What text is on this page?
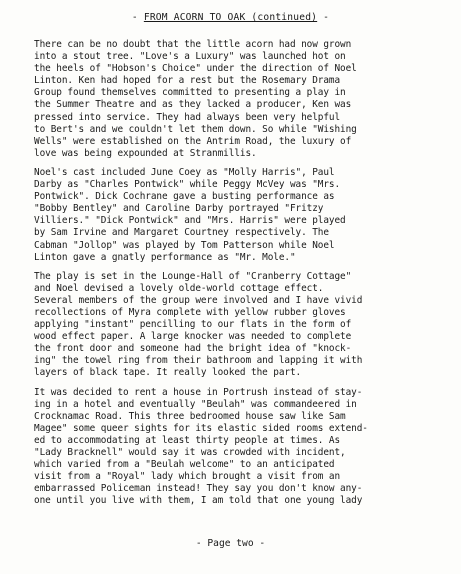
- FROM ACORN TO OAK (continued) -
There can be no doubt that the little acorn had now grown
into a stout tree. "Love's a Luxury" was launched hot on
the heels of "Hobson's Choice" under the direction of Noel
Linton. Ken had hoped for a rest but the Rosemary Drama
Group found themselves committed to presenting a play in
the Summer Theatre and as they lacked a producer, Ken was
pressed into service. They had always been very helpful
to Bert's and we couldn't let them down. So while "Wishing
Wells" were established on the Antrim Road, the luxury of
love was being expounded at Stranmillis.
Noel's cast included June Coey as "Molly Harris", Paul
Darby as "Charles Pontwick" while Peggy McVey was "Mrs.
Pontwick". Dick Cochrane gave a busting performance as
"Bobby Bentley" and Caroline Darby portrayed "Fritzy
Villiers." "Dick Pontwick" and "Mrs. Harris" were played
by Sam Irvine and Margaret Courtney respectively. The
Cabman "Jollop" was played by Tom Patterson while Noel
Linton gave a gnatly performance as "Mr. Mole."
The play is set in the Lounge-Hall of "Cranberry Cottage"
and Noel devised a lovely olde-world cottage effect.
Several members of the group were involved and I have vivid
recollections of Myra complete with yellow rubber gloves
applying "instant" pencilling to our flats in the form of
wood effect paper. A large knocker was needed to complete
the front door and someone had the bright idea of "knock-
ing" the towel ring from their bathroom and lapping it with
layers of black tape. It really looked the part.
It was decided to rent a house in Portrush instead of stay-
ing in a hotel and eventually "Beulah" was commandeered in
Crocknamac Road. This three bedroomed house saw like Sam
Magee" some queer sights for its elastic sided rooms extend-
ed to accommodating at least thirty people at times. As
"Lady Bracknell" would say it was crowded with incident,
which varied from a "Beulah welcome" to an anticipated
visit from a "Royal" lady which brought a visit from an
embarrassed Policeman instead! They say you don't know any-
one until you live with them, I am told that one young lady
- Page two -
